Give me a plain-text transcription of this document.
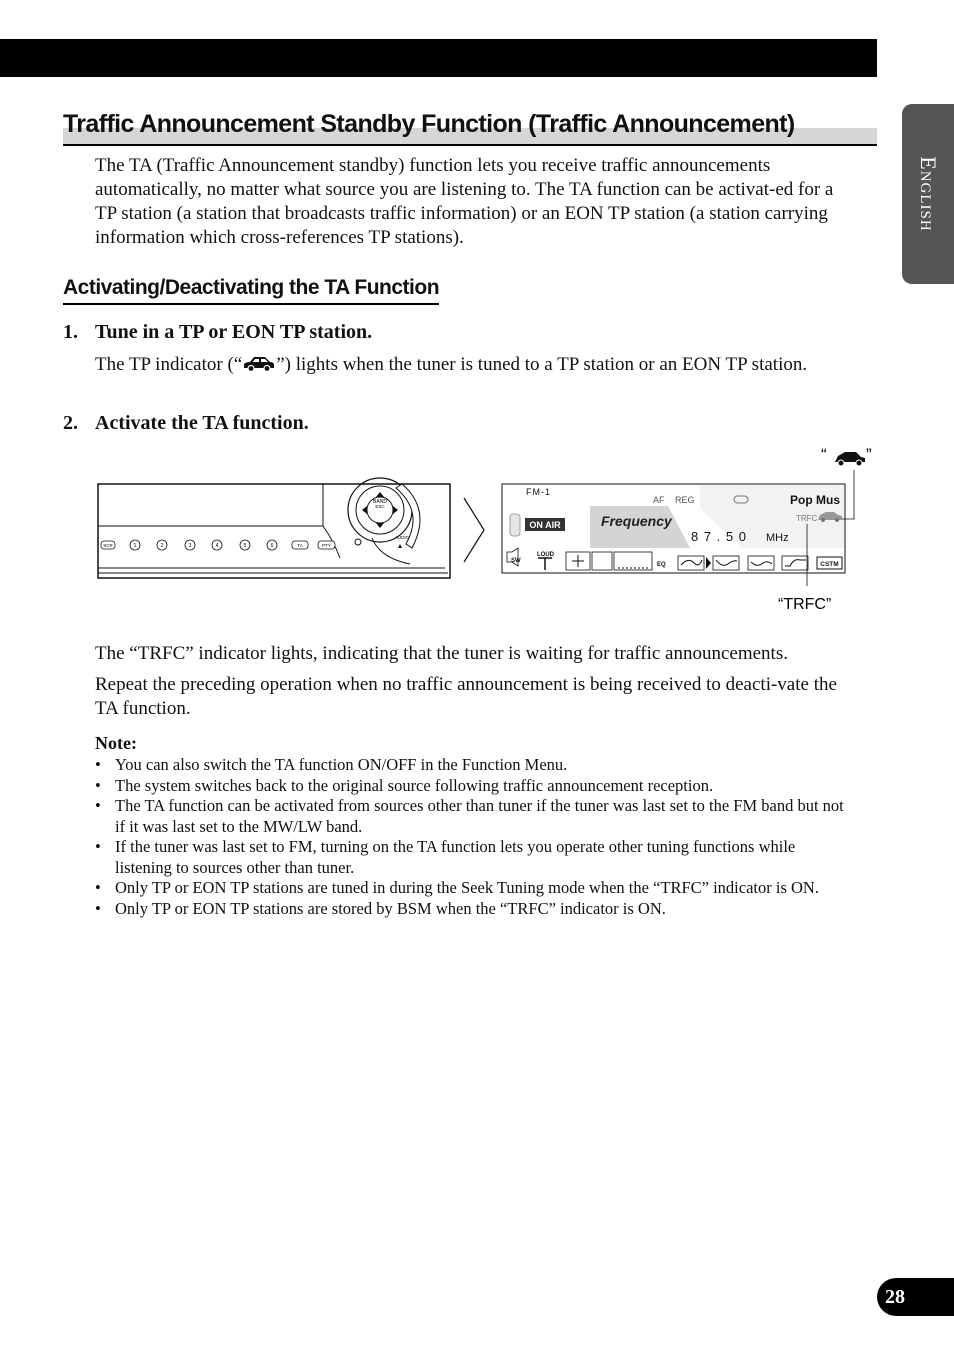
English
Traffic Announcement Standby Function (Traffic Announcement)
The TA (Traffic Announcement standby) function lets you receive traffic announcements automatically, no matter what source you are listening to. The TA function can be activat-ed for a TP station (a station that broadcasts traffic information) or an EON TP station (a station carrying information which cross-references TP stations).
Activating/Deactivating the TA Function
1. Tune in a TP or EON TP station.
The TP indicator (“ ”) lights when the tuner is tuned to a TP station or an EON TP station.
2. Activate the TA function.
BAND
ESC
AUDIO
SCR	1	2	3	4	5	6	TA	PTY
FM-1
AF REG	Pop Mus
TRFC
ON AIR	Frequency
8 7 . 5 0 MHz
SW
LOUD
EQ	CSTM
“ ”
“TRFC”
The “TRFC” indicator lights, indicating that the tuner is waiting for traffic announcements.
Repeat the preceding operation when no traffic announcement is being received to deacti-vate the TA function.
Note:
• You can also switch the TA function ON/OFF in the Function Menu.
• The system switches back to the original source following traffic announcement reception.
• The TA function can be activated from sources other than tuner if the tuner was last set to the FM band but not if it was last set to the MW/LW band.
• If the tuner was last set to FM, turning on the TA function lets you operate other tuning functions while listening to sources other than tuner.
• Only TP or EON TP stations are tuned in during the Seek Tuning mode when the “TRFC” indicator is ON.
• Only TP or EON TP stations are stored by BSM when the “TRFC” indicator is ON.
28
